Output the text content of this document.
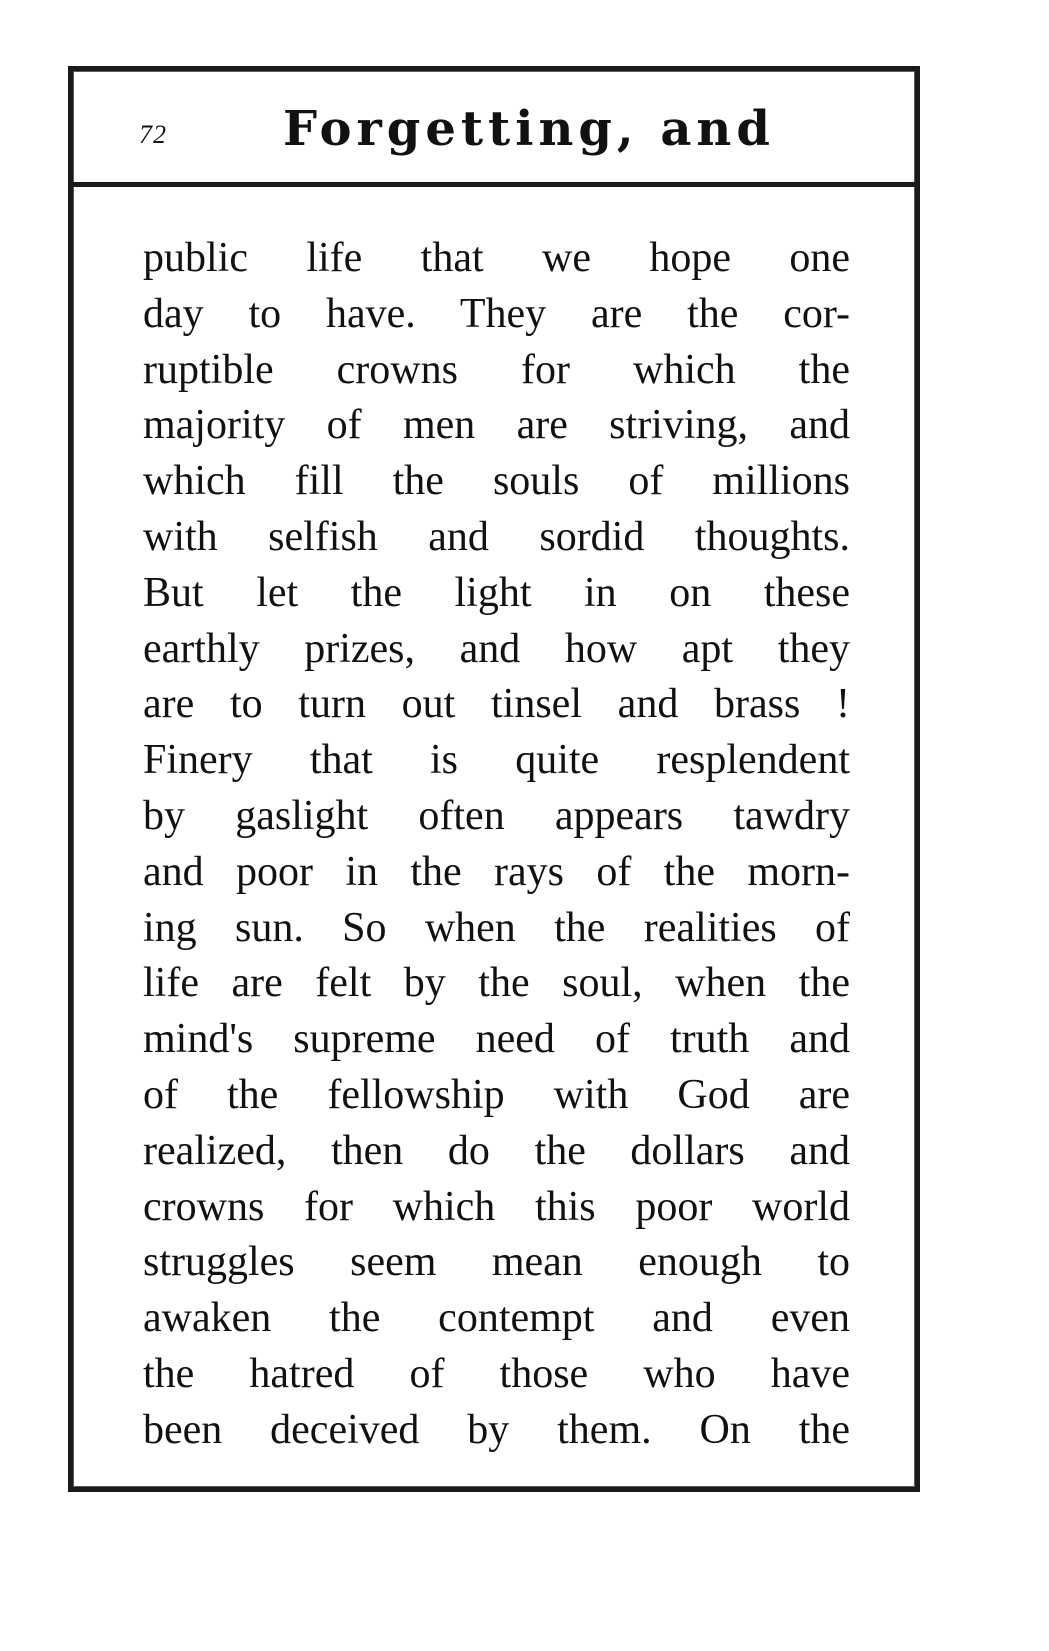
72 Forgetting, and
public life that we hope one
day to have. They are the cor-
ruptible crowns for which the
majority of men are striving, and
which fill the souls of millions
with selfish and sordid thoughts.
But let the light in on these
earthly prizes, and how apt they
are to turn out tinsel and brass !
Finery that is quite resplendent
by gaslight often appears tawdry
and poor in the rays of the morn-
ing sun. So when the realities of
life are felt by the soul, when the
mind's supreme need of truth and
of the fellowship with God are
realized, then do the dollars and
crowns for which this poor world
struggles seem mean enough to
awaken the contempt and even
the hatred of those who have
been deceived by them. On the
